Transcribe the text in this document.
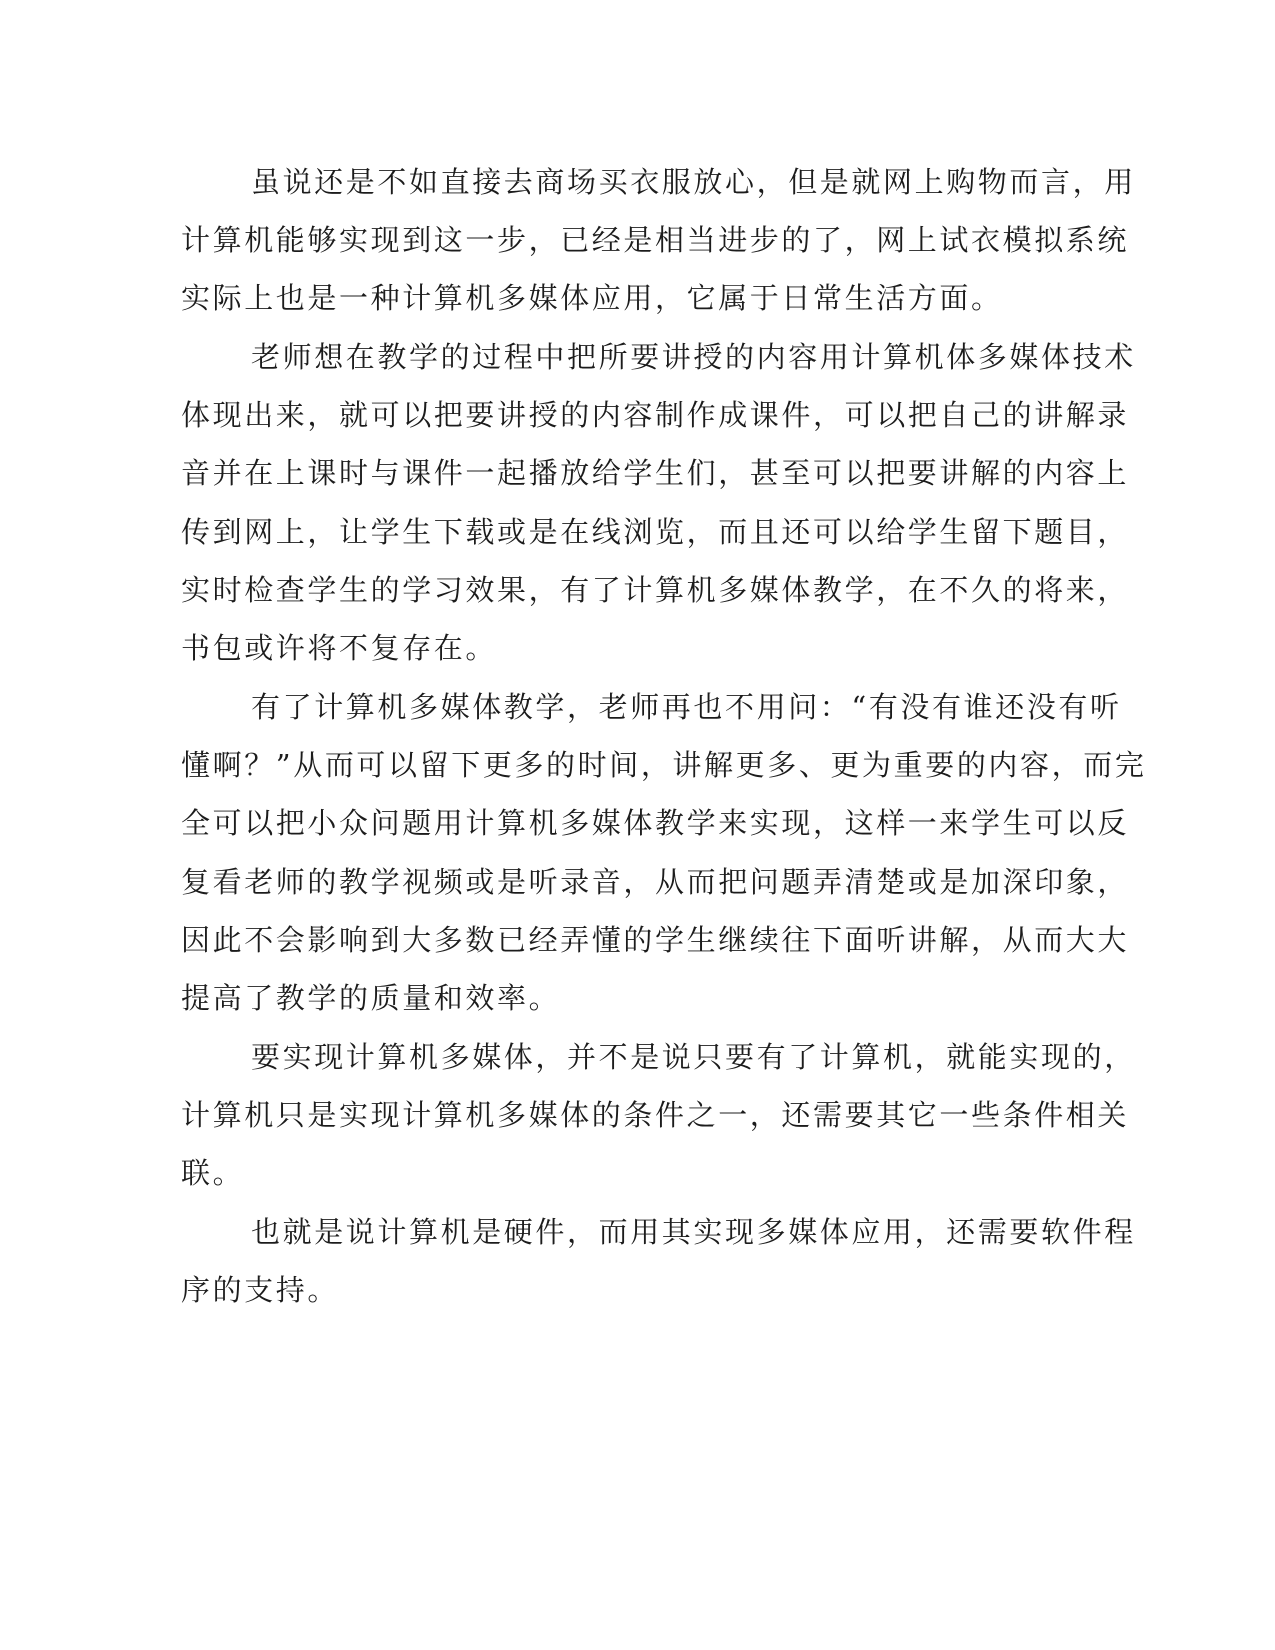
虽说还是不如直接去商场买衣服放心，但是就网上购物而言，用

计算机能够实现到这一步，已经是相当进步的了，网上试衣模拟系统

实际上也是一种计算机多媒体应用，它属于日常生活方面。

老师想在教学的过程中把所要讲授的内容用计算机体多媒体技术

体现出来，就可以把要讲授的内容制作成课件，可以把自己的讲解录

音并在上课时与课件一起播放给学生们，甚至可以把要讲解的内容上

传到网上，让学生下载或是在线浏览，而且还可以给学生留下题目，

实时检查学生的学习效果，有了计算机多媒体教学，在不久的将来，

书包或许将不复存在。

有了计算机多媒体教学，老师再也不用问：“有没有谁还没有听

懂啊？”从而可以留下更多的时间，讲解更多、更为重要的内容，而完

全可以把小众问题用计算机多媒体教学来实现，这样一来学生可以反

复看老师的教学视频或是听录音，从而把问题弄清楚或是加深印象，

因此不会影响到大多数已经弄懂的学生继续往下面听讲解，从而大大

提高了教学的质量和效率。

要实现计算机多媒体，并不是说只要有了计算机，就能实现的，

计算机只是实现计算机多媒体的条件之一，还需要其它一些条件相关

联。

也就是说计算机是硬件，而用其实现多媒体应用，还需要软件程

序的支持。
